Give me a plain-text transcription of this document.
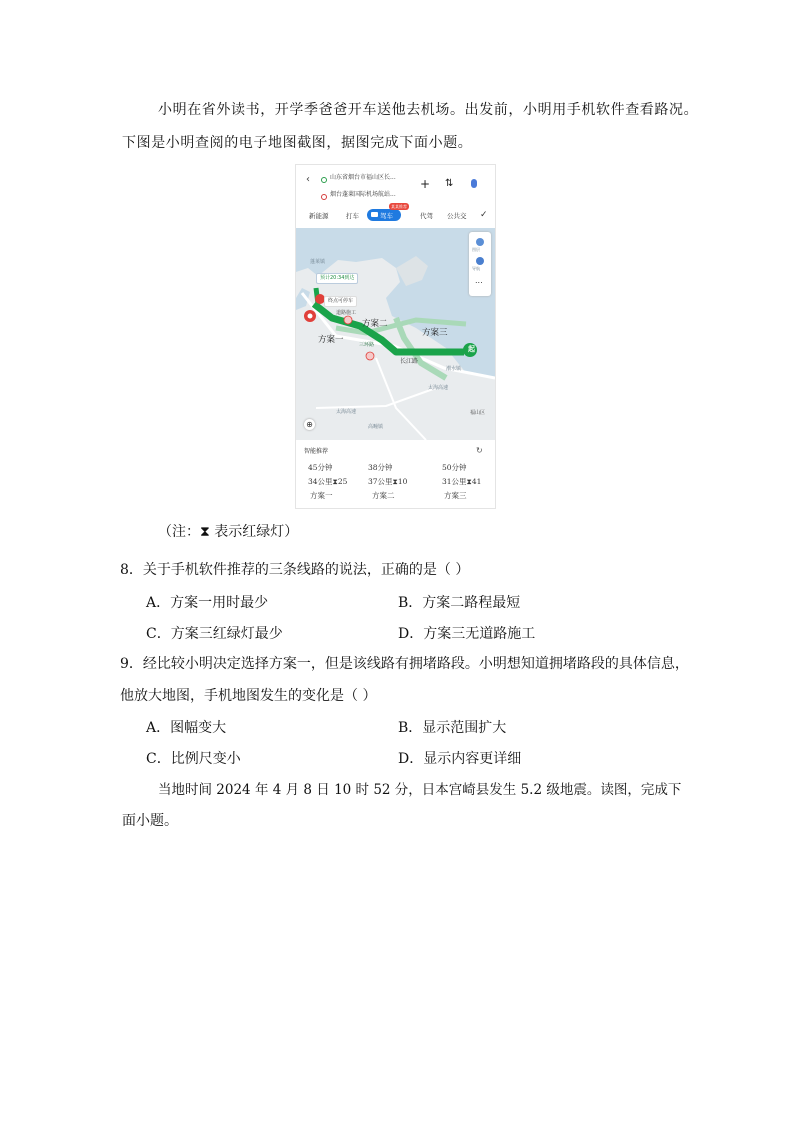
小明在省外读书，开学季爸爸开车送他去机场。出发前，小明用手机软件查看路况。
下图是小明查阅的电子地图截图，据图完成下面小题。
‹	山东省烟台市福山区长...
烟台蓬莱国际机场航站...
+ ⇅
新能源	打车	驾车
某某推荐
代驾 公共交 ✓
起
预计20:34到达
终点可停车
道路施工
方案一
方案二
方案三
三环路
长江路
太海高速
太海高速	福山区
蓬莱镇
高疃镇
潮水镇
图层
导航
...
⊕
智能推荐	↻
45分钟	38分钟	50分钟
34公里⧗25	37公里⧗10	31公里⧗41
方案一	方案二	方案三
（注：⧗ 表示红绿灯）
8．关于手机软件推荐的三条线路的说法，正确的是（ ）
A．方案一用时最少	B．方案二路程最短
C．方案三红绿灯最少	D．方案三无道路施工
9．经比较小明决定选择方案一，但是该线路有拥堵路段。小明想知道拥堵路段的具体信息，
他放大地图，手机地图发生的变化是（ ）
A．图幅变大	B．显示范围扩大
C．比例尺变小	D．显示内容更详细
当地时间 2024 年 4 月 8 日 10 时 52 分，日本宫崎县发生 5.2 级地震。读图，完成下
面小题。
